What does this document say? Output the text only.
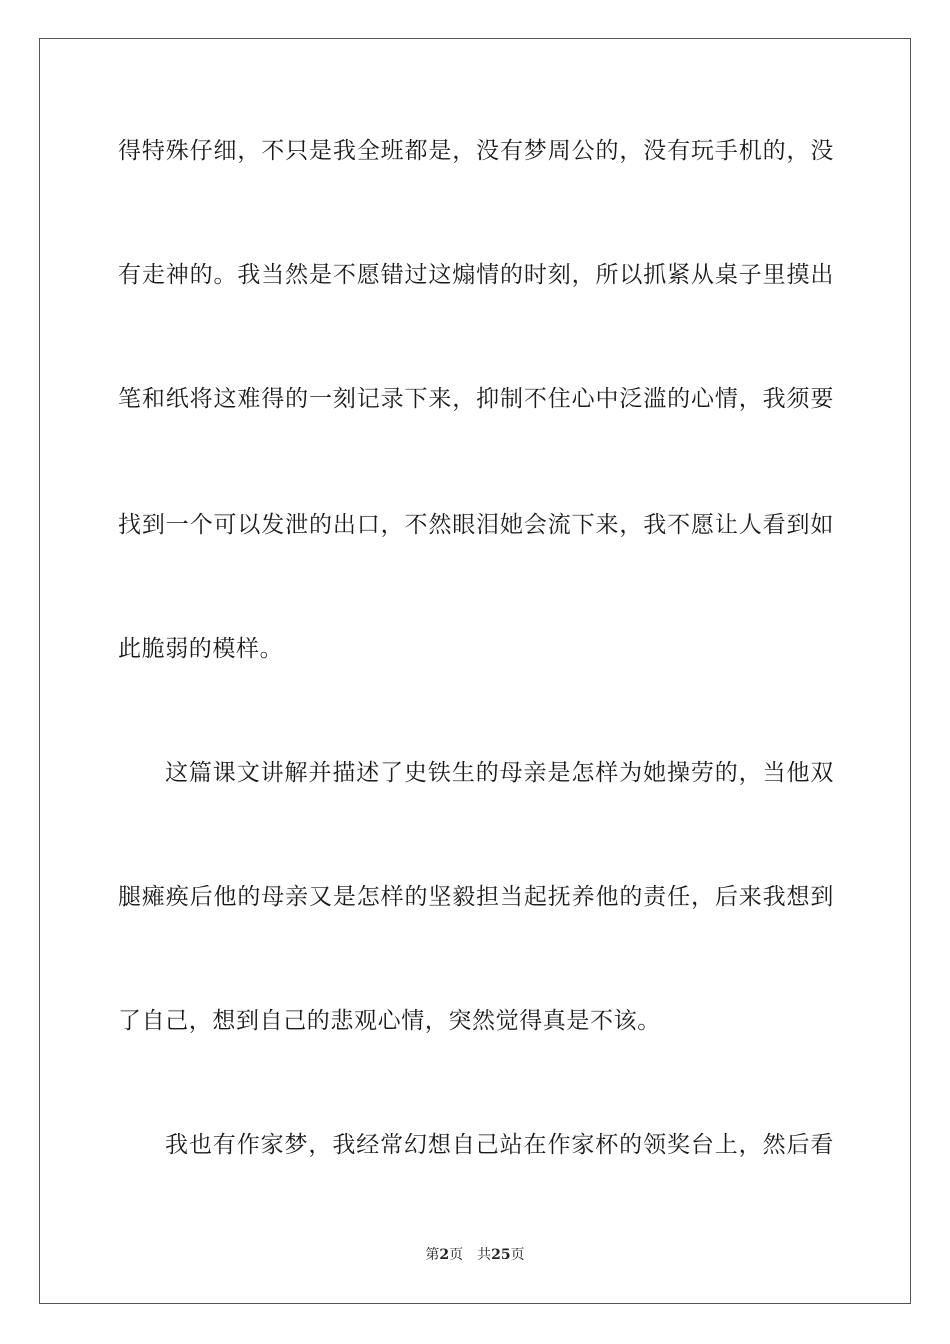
得特殊仔细，不只是我全班都是，没有梦周公的，没有玩手机的，没
有走神的。我当然是不愿错过这煽情的时刻，所以抓紧从桌子里摸出
笔和纸将这难得的一刻记录下来，抑制不住心中泛滥的心情，我须要
找到一个可以发泄的出口，不然眼泪她会流下来，我不愿让人看到如
此脆弱的模样。
这篇课文讲解并描述了史铁生的母亲是怎样为她操劳的，当他双
腿瘫痪后他的母亲又是怎样的坚毅担当起抚养他的责任，后来我想到
了自己，想到自己的悲观心情，突然觉得真是不该。
我也有作家梦，我经常幻想自己站在作家杯的领奖台上，然后看
第2页 共25页
